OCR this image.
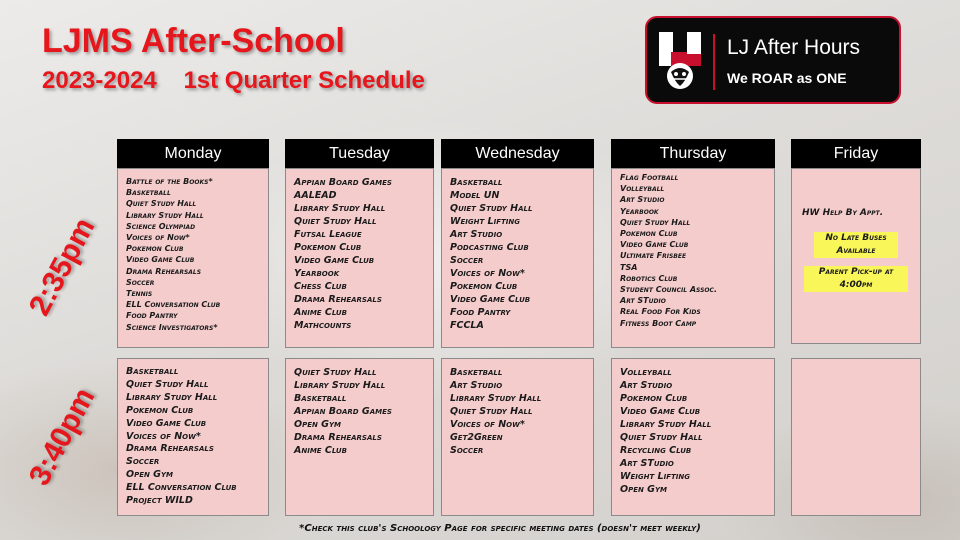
LJMS After-School
2023-2024    1st Quarter Schedule
LJ After Hours
We ROAR as ONE
2:35pm
3:40pm
Monday
Battle of the Books*
Basketball
Quiet Study Hall
Library Study Hall
Science Olympiad
Voices of Now*
Pokemon Club
Video Game Club
Drama Rehearsals
Soccer
Tennis
ELL Conversation Club
Food Pantry
Science Investigators*
Basketball
Quiet Study Hall
Library Study Hall
Pokemon Club
Video Game Club
Voices of Now*
Drama Rehearsals
Soccer
Open Gym
ELL Conversation Club
Project WILD
Tuesday
Appian Board Games
AALEAD
Library Study Hall
Quiet Study Hall
Futsal League
Pokemon Club
Video Game Club
Yearbook
Chess Club
Drama Rehearsals
Anime Club
Mathcounts
Quiet Study Hall
Library Study Hall
Basketball
Appian Board Games
Open Gym
Drama Rehearsals
Anime Club
Wednesday
Basketball
Model UN
Quiet Study Hall
Weight Lifting
Art Studio
Podcasting Club
Soccer
Voices of Now*
Pokemon Club
Video Game Club
Food Pantry
FCCLA
Basketball
Art Studio
Library Study Hall
Quiet Study Hall
Voices of Now*
Get2Green
Soccer
Thursday
Flag Football
Volleyball
Art Studio
Yearbook
Quiet Study Hall
Pokemon Club
Video Game Club
Ultimate Frisbee
TSA
Robotics Club
Student Council Assoc.
Art STudio
Real Food For Kids
Fitness Boot Camp
Volleyball
Art Studio
Pokemon Club
Video Game Club
Library Study Hall
Quiet Study Hall
Recycling Club
Art STudio
Weight Lifting
Open Gym
Friday
HW Help By Appt.
No Late Buses Available
Parent Pick-up at 4:00pm
*Check this club's Schoology Page for specific meeting dates (doesn't meet weekly)
